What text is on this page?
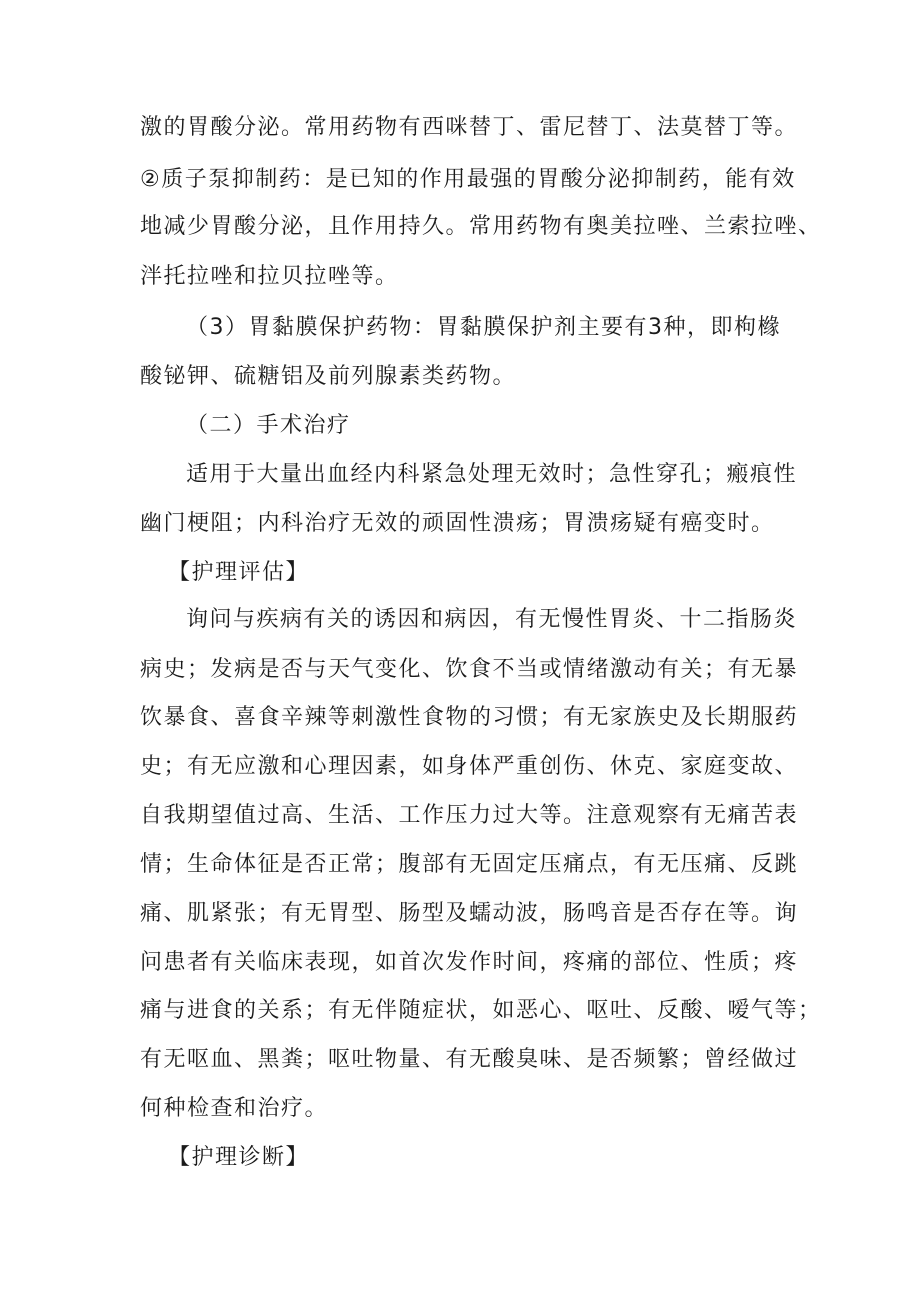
激的胃酸分泌。常用药物有西咪替丁、雷尼替丁、法莫替丁等。
②质子泵抑制药：是已知的作用最强的胃酸分泌抑制药，能有效
地减少胃酸分泌，且作用持久。常用药物有奥美拉唑、兰索拉唑、
泮托拉唑和拉贝拉唑等。
（3）胃黏膜保护药物：胃黏膜保护剂主要有3种，即枸橼
酸铋钾、硫糖铝及前列腺素类药物。
（二）手术治疗
适用于大量出血经内科紧急处理无效时；急性穿孔；瘢痕性
幽门梗阻；内科治疗无效的顽固性溃疡；胃溃疡疑有癌变时。
【护理评估】
询问与疾病有关的诱因和病因，有无慢性胃炎、十二指肠炎
病史；发病是否与天气变化、饮食不当或情绪激动有关；有无暴
饮暴食、喜食辛辣等刺激性食物的习惯；有无家族史及长期服药
史；有无应激和心理因素，如身体严重创伤、休克、家庭变故、
自我期望值过高、生活、工作压力过大等。注意观察有无痛苦表
情；生命体征是否正常；腹部有无固定压痛点，有无压痛、反跳
痛、肌紧张；有无胃型、肠型及蠕动波，肠鸣音是否存在等。询
问患者有关临床表现，如首次发作时间，疼痛的部位、性质；疼
痛与进食的关系；有无伴随症状，如恶心、呕吐、反酸、嗳气等；
有无呕血、黑粪；呕吐物量、有无酸臭味、是否频繁；曾经做过
何种检查和治疗。
【护理诊断】
